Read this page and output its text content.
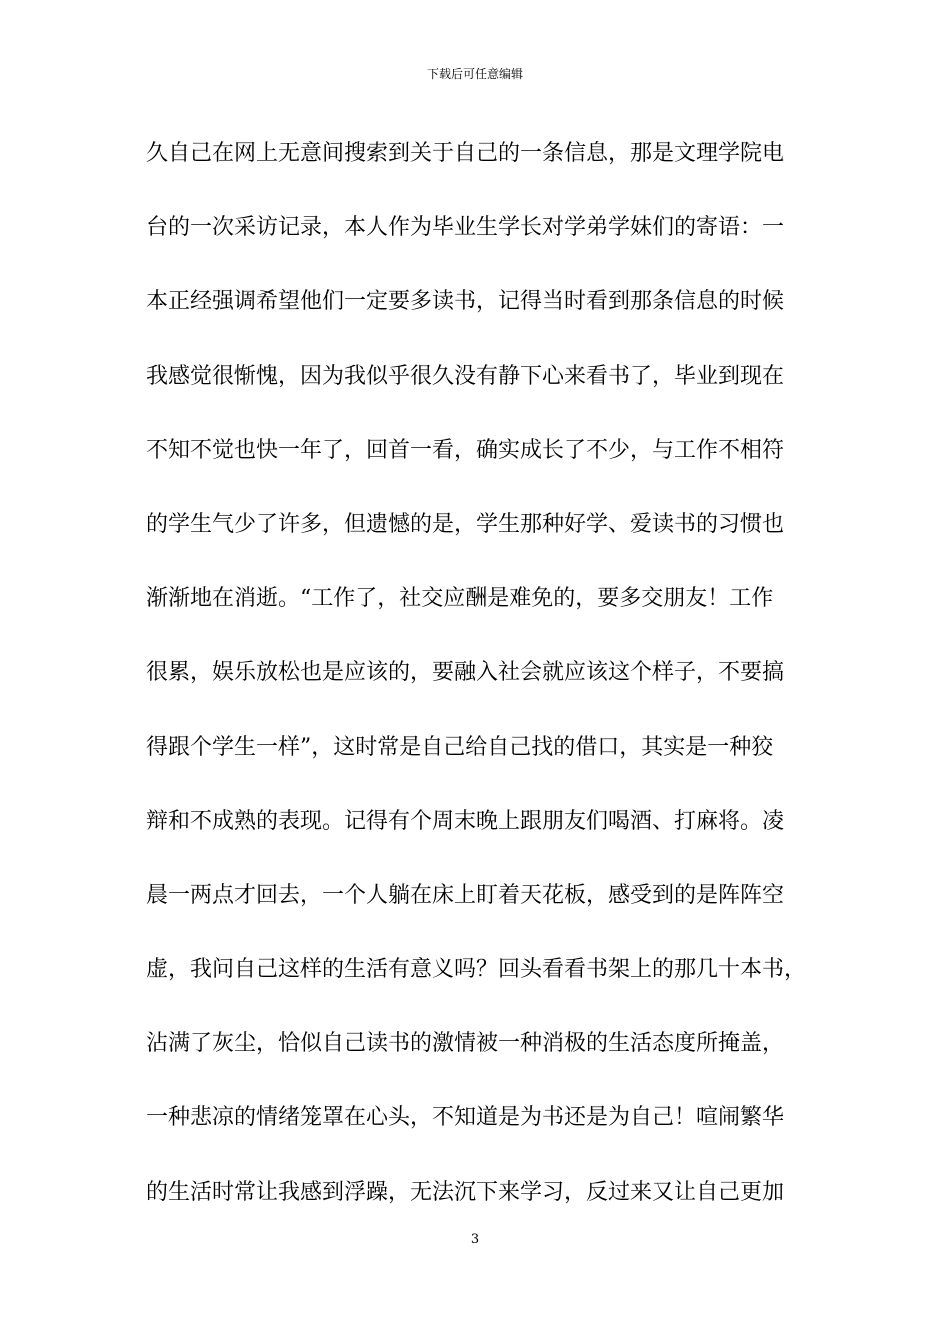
下载后可任意编辑
久自己在网上无意间搜索到关于自己的一条信息，那是文理学院电
台的一次采访记录，本人作为毕业生学长对学弟学妹们的寄语：一
本正经强调希望他们一定要多读书，记得当时看到那条信息的时候
我感觉很惭愧，因为我似乎很久没有静下心来看书了，毕业到现在
不知不觉也快一年了，回首一看，确实成长了不少，与工作不相符
的学生气少了许多，但遗憾的是，学生那种好学、爱读书的习惯也
渐渐地在消逝。“工作了，社交应酬是难免的，要多交朋友！工作
很累，娱乐放松也是应该的，要融入社会就应该这个样子，不要搞
得跟个学生一样”，这时常是自己给自己找的借口，其实是一种狡
辩和不成熟的表现。记得有个周末晚上跟朋友们喝酒、打麻将。凌
晨一两点才回去，一个人躺在床上盯着天花板，感受到的是阵阵空
虚，我问自己这样的生活有意义吗？回头看看书架上的那几十本书，
沾满了灰尘，恰似自己读书的激情被一种消极的生活态度所掩盖，
一种悲凉的情绪笼罩在心头，不知道是为书还是为自己！喧闹繁华
的生活时常让我感到浮躁，无法沉下来学习，反过来又让自己更加
3
